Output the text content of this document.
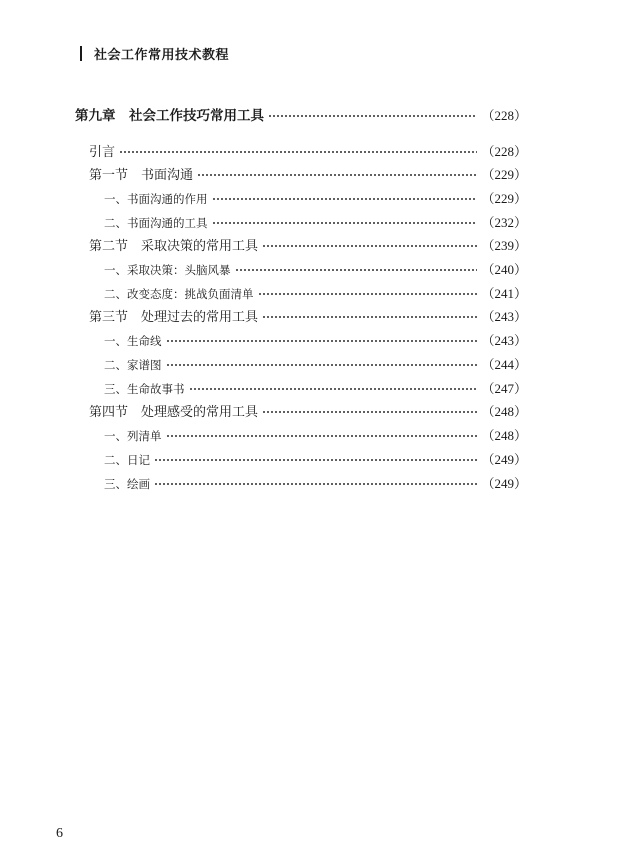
社会工作常用技术教程
第九章　社会工作技巧常用工具	（228）
引言	（228）
第一节　书面沟通	（229）
一、书面沟通的作用	（229）
二、书面沟通的工具	（232）
第二节　采取决策的常用工具	（239）
一、采取决策：头脑风暴	（240）
二、改变态度：挑战负面清单	（241）
第三节　处理过去的常用工具	（243）
一、生命线	（243）
二、家谱图	（244）
三、生命故事书	（247）
第四节　处理感受的常用工具	（248）
一、列清单	（248）
二、日记	（249）
三、绘画	（249）
6
